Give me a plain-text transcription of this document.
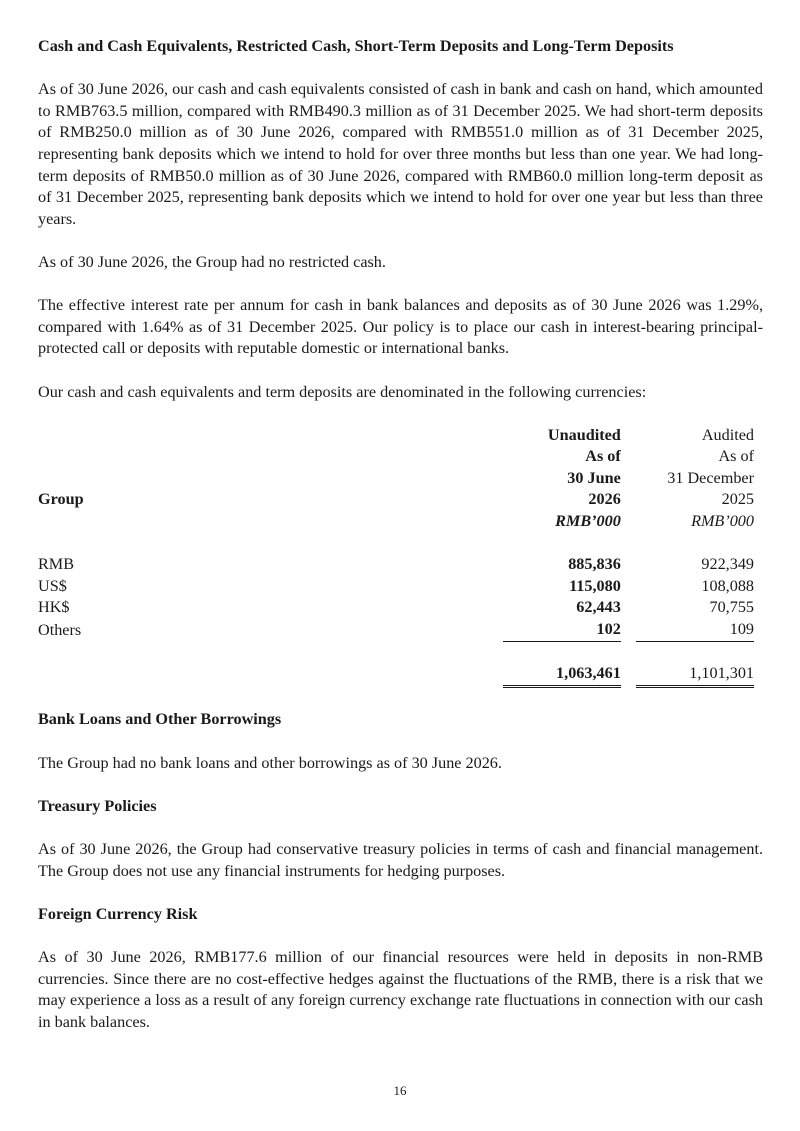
Cash and Cash Equivalents, Restricted Cash, Short-Term Deposits and Long-Term Deposits

As of 30 June 2026, our cash and cash equivalents consisted of cash in bank and cash on hand, which amounted to RMB763.5 million, compared with RMB490.3 million as of 31 December 2025. We had short-term deposits of RMB250.0 million as of 30 June 2026, compared with RMB551.0 million as of 31 December 2025, representing bank deposits which we intend to hold for over three months but less than one year. We had long-term deposits of RMB50.0 million as of 30 June 2026, compared with RMB60.0 million long-term deposit as of 31 December 2025, representing bank deposits which we intend to hold for over one year but less than three years.

As of 30 June 2026, the Group had no restricted cash.

The effective interest rate per annum for cash in bank balances and deposits as of 30 June 2026 was 1.29%, compared with 1.64% as of 31 December 2025. Our policy is to place our cash in interest-bearing principal-protected call or deposits with reputable domestic or international banks.

Our cash and cash equivalents and term deposits are denominated in the following currencies:

	Unaudited		Audited
	As of		As of
	30 June		31 December
Group	2026		2025
	RMB’000		RMB’000

RMB	885,836		922,349
US$	115,080		108,088
HK$	62,443		70,755
Others	102		109

	1,063,461		1,101,301
Bank Loans and Other Borrowings

The Group had no bank loans and other borrowings as of 30 June 2026.

Treasury Policies

As of 30 June 2026, the Group had conservative treasury policies in terms of cash and financial management. The Group does not use any financial instruments for hedging purposes.

Foreign Currency Risk

As of 30 June 2026, RMB177.6 million of our financial resources were held in deposits in non-RMB currencies. Since there are no cost-effective hedges against the fluctuations of the RMB, there is a risk that we may experience a loss as a result of any foreign currency exchange rate fluctuations in connection with our cash in bank balances.

16
